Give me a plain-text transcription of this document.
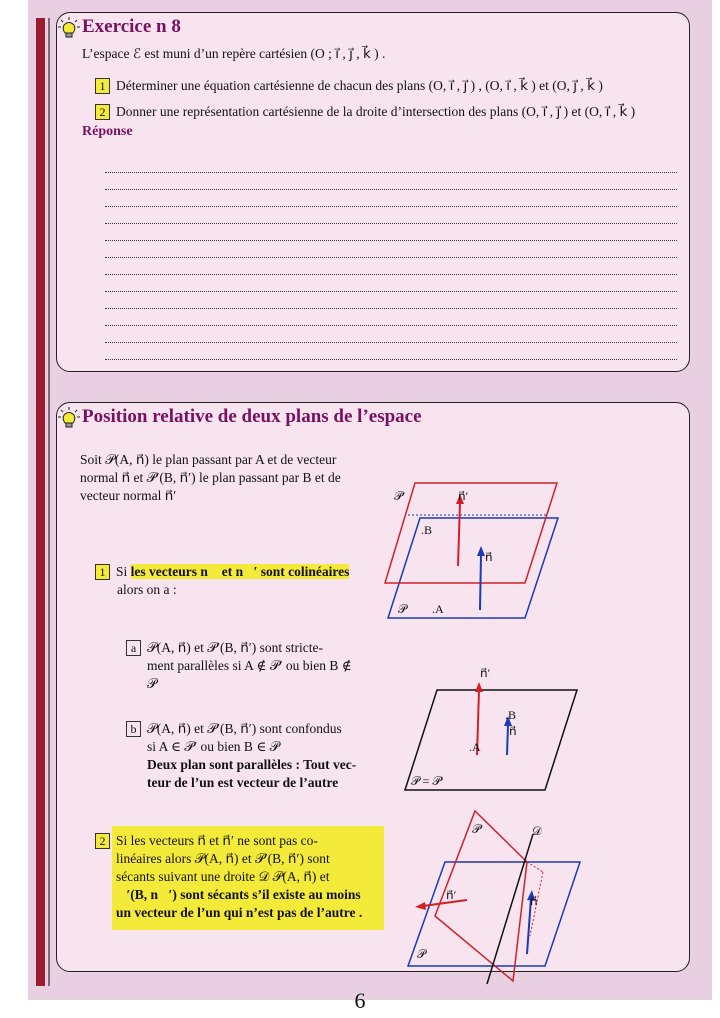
Exercice n 8
L’espace ℰ est muni d’un repère cartésien (O ; i⃗ , j⃗ , k⃗ ) .
1 Déterminer une équation cartésienne de chacun des plans (O, i⃗ , j⃗ ) , (O, i⃗ , k⃗ ) et (O, j⃗ , k⃗ )
2 Donner une représentation cartésienne de la droite d’intersection des plans (O, i⃗ , j⃗ ) et (O, i⃗ , k⃗ )
Réponse
Position relative de deux plans de l’espace
Soit 𝒫(A, n⃗) le plan passant par A et de vecteur
normal n⃗ et 𝒫′(B, n⃗′) le plan passant par B et de
vecteur normal n⃗′
1 Si les vecteurs n⃗ et n⃗′ sont colinéaires
alors on a :
a 𝒫(A, n⃗) et 𝒫′(B, n⃗′) sont stricte-
ment parallèles si A ∉ 𝒫′ ou bien B ∉
𝒫
b 𝒫(A, n⃗) et 𝒫′(B, n⃗′) sont confondus
si A ∈ 𝒫′ ou bien B ∈ 𝒫
Deux plan sont parallèles : Tout vec-
teur de l’un est vecteur de l’autre
2 Si les vecteurs n⃗ et n⃗′ ne sont pas co-
linéaires alors 𝒫(A, n⃗) et 𝒫′(B, n⃗′) sont
sécants suivant une droite 𝒟 𝒫(A, n⃗) et
𝒫′(B, n⃗′) sont sécants s’il existe au moins
un vecteur de l’un qui n’est pas de l’autre .
𝒫′	n⃗′
.B
n⃗
𝒫 .A
n⃗′
.B
n⃗
.A
𝒫 = 𝒫′
𝒫′	𝒟
n⃗′	n⃗
𝒫
6
